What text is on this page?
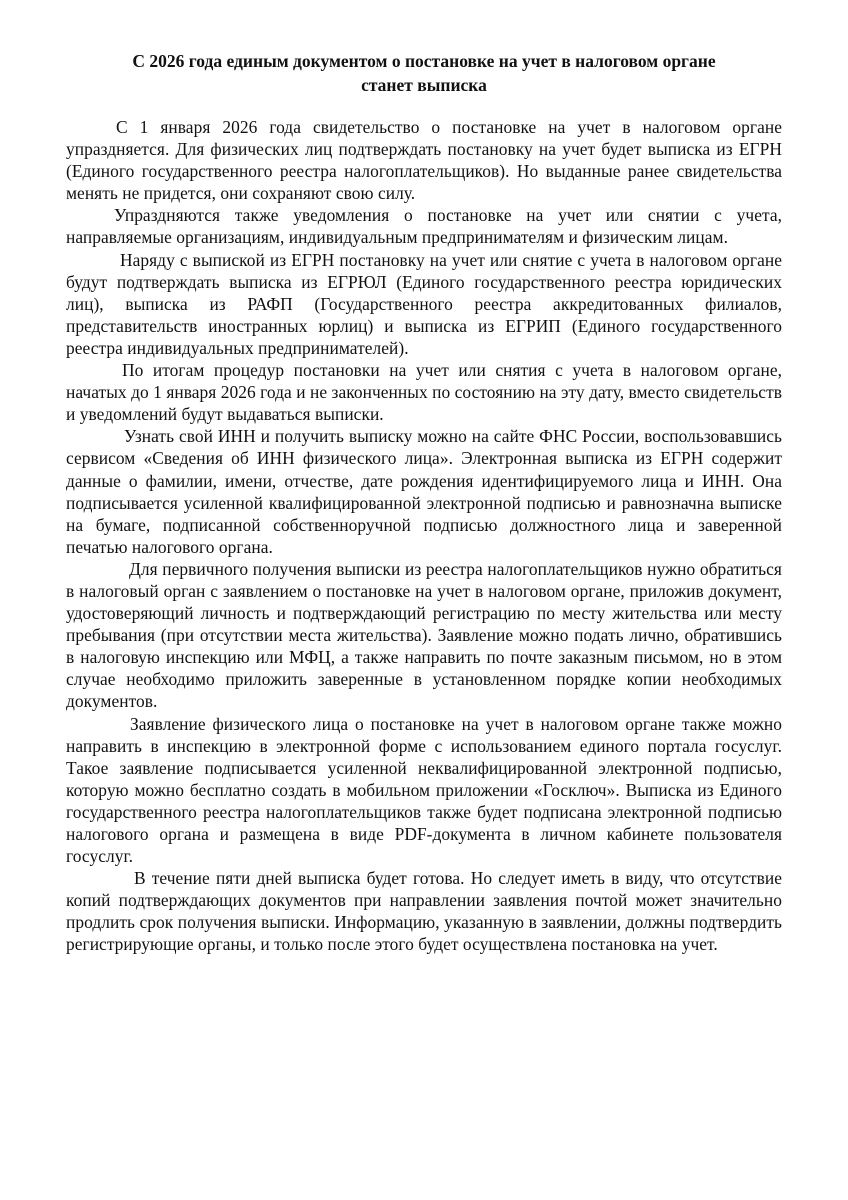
С 2026 года единым документом о постановке на учет в налоговом органе
станет выписка

С 1 января 2026 года свидетельство о постановке на учет в налоговом органе упраздняется. Для физических лиц подтверждать постановку на учет будет выписка из ЕГРН (Единого государственного реестра налогоплательщиков). Но выданные ранее свидетельства менять не придется, они сохраняют свою силу.

Упраздняются также уведомления о постановке на учет или снятии с учета, направляемые организациям, индивидуальным предпринимателям и физическим лицам.

Наряду с выпиской из ЕГРН постановку на учет или снятие с учета в налоговом органе будут подтверждать выписка из ЕГРЮЛ (Единого государственного реестра юридических лиц), выписка из РАФП (Государственного реестра аккредитованных филиалов, представительств иностранных юрлиц) и выписка из ЕГРИП (Единого государственного реестра индивидуальных предпринимателей).

По итогам процедур постановки на учет или снятия с учета в налоговом органе, начатых до 1 января 2026 года и не законченных по состоянию на эту дату, вместо свидетельств и уведомлений будут выдаваться выписки.

Узнать свой ИНН и получить выписку можно на сайте ФНС России, воспользовавшись сервисом «Сведения об ИНН физического лица». Электронная выписка из ЕГРН содержит данные о фамилии, имени, отчестве, дате рождения идентифицируемого лица и ИНН. Она подписывается усиленной квалифицированной электронной подписью и равнозначна выписке на бумаге, подписанной собственноручной подписью должностного лица и заверенной печатью налогового органа.

Для первичного получения выписки из реестра налогоплательщиков нужно обратиться в налоговый орган с заявлением о постановке на учет в налоговом органе, приложив документ, удостоверяющий личность и подтверждающий регистрацию по месту жительства или месту пребывания (при отсутствии места жительства). Заявление можно подать лично, обратившись в налоговую инспекцию или МФЦ, а также направить по почте заказным письмом, но в этом случае необходимо приложить заверенные в установленном порядке копии необходимых документов.

Заявление физического лица о постановке на учет в налоговом органе также можно направить в инспекцию в электронной форме с использованием единого портала госуслуг. Такое заявление подписывается усиленной неквалифицированной электронной подписью, которую можно бесплатно создать в мобильном приложении «Госключ». Выписка из Единого государственного реестра налогоплательщиков также будет подписана электронной подписью налогового органа и размещена в виде PDF-документа в личном кабинете пользователя госуслуг.

В течение пяти дней выписка будет готова. Но следует иметь в виду, что отсутствие копий подтверждающих документов при направлении заявления почтой может значительно продлить срок получения выписки. Информацию, указанную в заявлении, должны подтвердить регистрирующие органы, и только после этого будет осуществлена постановка на учет.
